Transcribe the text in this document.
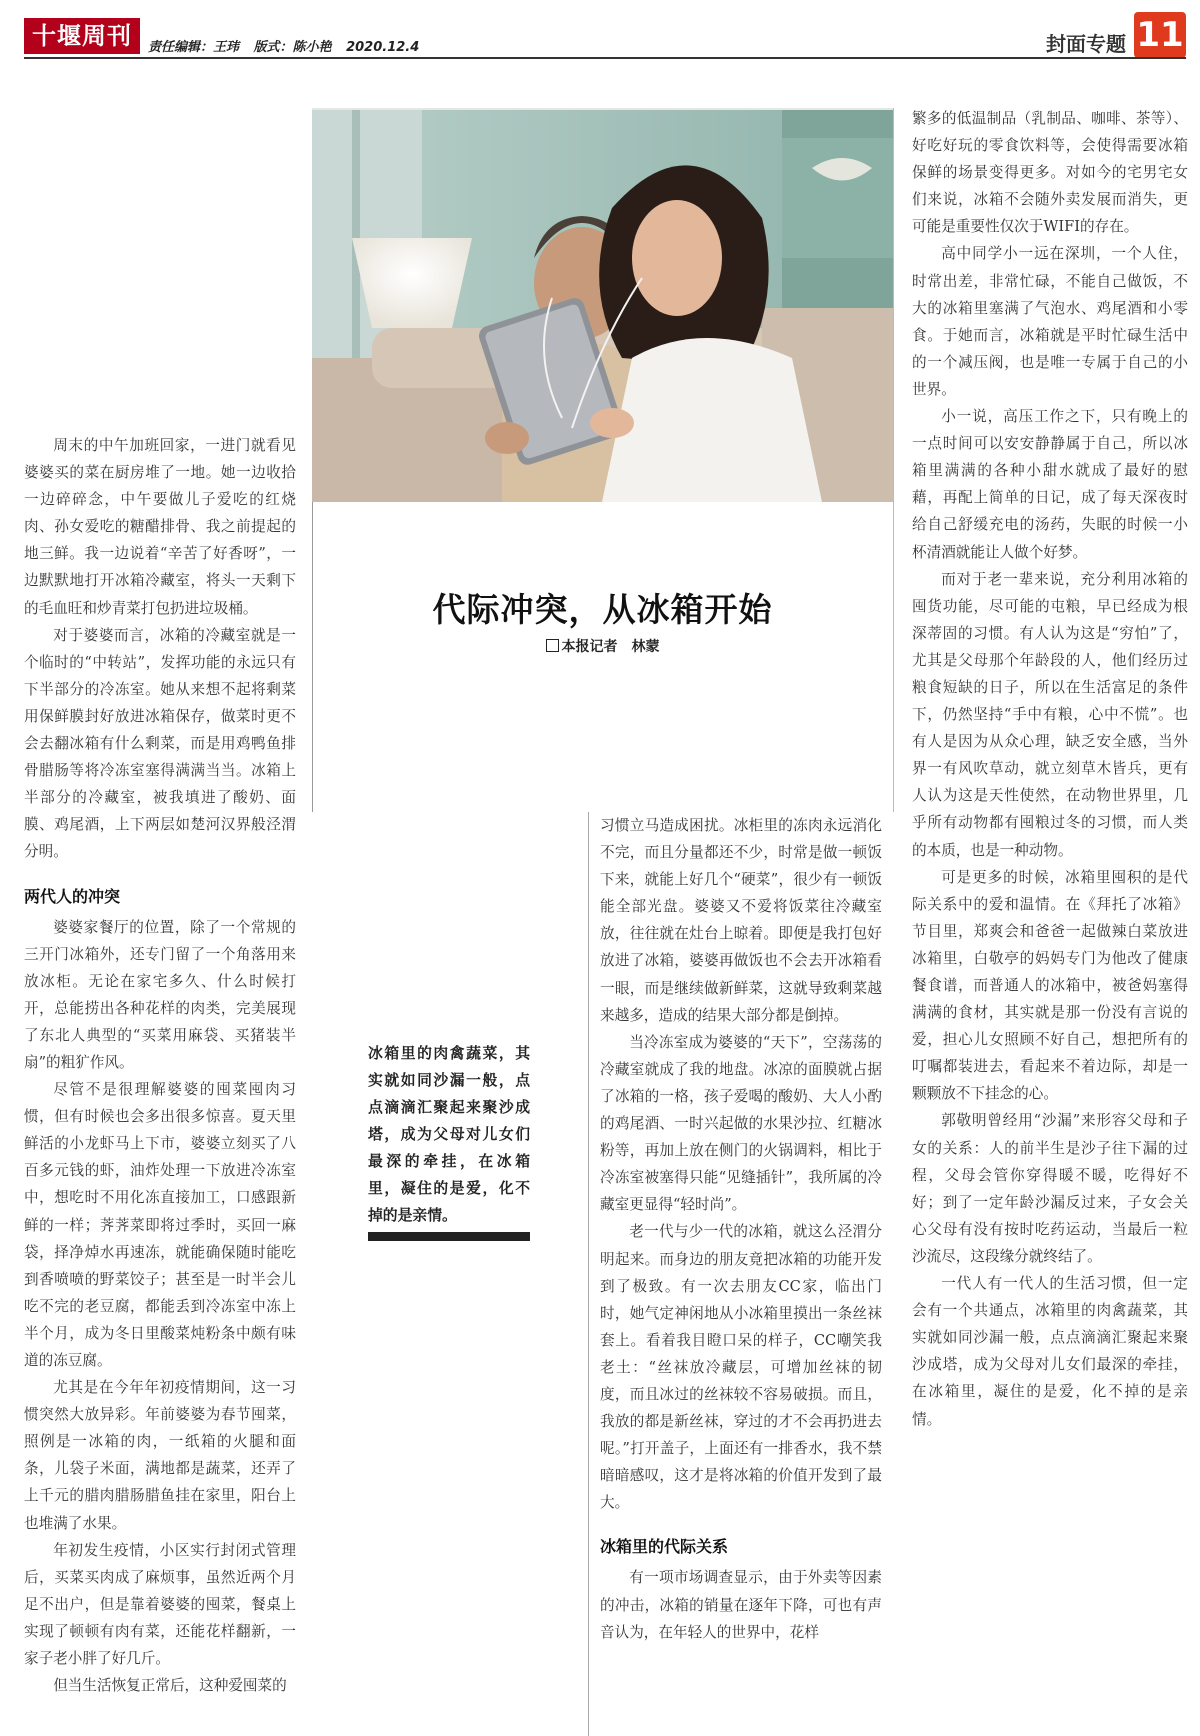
十堰周刊	责任编辑：王玮 版式：陈小艳 2020.12.4	封面专题 11
代际冲突，从冰箱开始
本报记者　林蒙

周末的中午加班回家，一进门就看见婆婆买的菜在厨房堆了一地。她一边收拾一边碎碎念，中午要做儿子爱吃的红烧肉、孙女爱吃的糖醋排骨、我之前提起的地三鲜。我一边说着“辛苦了好香呀”，一边默默地打开冰箱冷藏室，将头一天剩下的毛血旺和炒青菜打包扔进垃圾桶。

对于婆婆而言，冰箱的冷藏室就是一个临时的“中转站”，发挥功能的永远只有下半部分的冷冻室。她从来想不起将剩菜用保鲜膜封好放进冰箱保存，做菜时更不会去翻冰箱有什么剩菜，而是用鸡鸭鱼排骨腊肠等将冷冻室塞得满满当当。冰箱上半部分的冷藏室，被我填进了酸奶、面膜、鸡尾酒，上下两层如楚河汉界般泾渭分明。

两代人的冲突

婆婆家餐厅的位置，除了一个常规的三开门冰箱外，还专门留了一个角落用来放冰柜。无论在家宅多久、什么时候打开，总能捞出各种花样的肉类，完美展现了东北人典型的“买菜用麻袋、买猪装半扇”的粗犷作风。

尽管不是很理解婆婆的囤菜囤肉习惯，但有时候也会多出很多惊喜。夏天里鲜活的小龙虾马上下市，婆婆立刻买了八百多元钱的虾，油炸处理一下放进冷冻室中，想吃时不用化冻直接加工，口感跟新鲜的一样；荠荠菜即将过季时，买回一麻袋，择净焯水再速冻，就能确保随时能吃到香喷喷的野菜饺子；甚至是一时半会儿吃不完的老豆腐，都能丢到冷冻室中冻上半个月，成为冬日里酸菜炖粉条中颇有味道的冻豆腐。

尤其是在今年年初疫情期间，这一习惯突然大放异彩。年前婆婆为春节囤菜，照例是一冰箱的肉，一纸箱的火腿和面条，儿袋子米面，满地都是蔬菜，还弄了上千元的腊肉腊肠腊鱼挂在家里，阳台上也堆满了水果。

年初发生疫情，小区实行封闭式管理后，买菜买肉成了麻烦事，虽然近两个月足不出户，但是靠着婆婆的囤菜，餐桌上实现了顿顿有肉有菜，还能花样翻新，一家子老小胖了好几斤。

但当生活恢复正常后，这种爱囤菜的

冰箱里的肉禽蔬菜，其实就如同沙漏一般，点点滴滴汇聚起来聚沙成塔，成为父母对儿女们最深的牵挂，在冰箱里，凝住的是爱，化不掉的是亲情。

习惯立马造成困扰。冰柜里的冻肉永远消化不完，而且分量都还不少，时常是做一顿饭下来，就能上好几个“硬菜”，很少有一顿饭能全部光盘。婆婆又不爱将饭菜往冷藏室放，往往就在灶台上晾着。即便是我打包好放进了冰箱，婆婆再做饭也不会去开冰箱看一眼，而是继续做新鲜菜，这就导致剩菜越来越多，造成的结果大部分都是倒掉。

当冷冻室成为婆婆的“天下”，空荡荡的冷藏室就成了我的地盘。冰凉的面膜就占据了冰箱的一格，孩子爱喝的酸奶、大人小酌的鸡尾酒、一时兴起做的水果沙拉、红糖冰粉等，再加上放在侧门的火锅调料，相比于冷冻室被塞得只能“见缝插针”，我所属的冷藏室更显得“轻时尚”。

老一代与少一代的冰箱，就这么泾渭分明起来。而身边的朋友竟把冰箱的功能开发到了极致。有一次去朋友CC家，临出门时，她气定神闲地从小冰箱里摸出一条丝袜套上。看着我目瞪口呆的样子，CC嘲笑我老土：“丝袜放冷藏层，可增加丝袜的韧度，而且冰过的丝袜较不容易破损。而且，我放的都是新丝袜，穿过的才不会再扔进去呢。”打开盖子，上面还有一排香水，我不禁暗暗感叹，这才是将冰箱的价值开发到了最大。

冰箱里的代际关系

有一项市场调查显示，由于外卖等因素的冲击，冰箱的销量在逐年下降，可也有声音认为，在年轻人的世界中，花样

繁多的低温制品（乳制品、咖啡、茶等）、好吃好玩的零食饮料等，会使得需要冰箱保鲜的场景变得更多。对如今的宅男宅女们来说，冰箱不会随外卖发展而消失，更可能是重要性仅次于WIFI的存在。

高中同学小一远在深圳，一个人住，时常出差，非常忙碌，不能自己做饭，不大的冰箱里塞满了气泡水、鸡尾酒和小零食。于她而言，冰箱就是平时忙碌生活中的一个减压阀，也是唯一专属于自己的小世界。

小一说，高压工作之下，只有晚上的一点时间可以安安静静属于自己，所以冰箱里满满的各种小甜水就成了最好的慰藉，再配上简单的日记，成了每天深夜时给自己舒缓充电的汤药，失眠的时候一小杯清酒就能让人做个好梦。

而对于老一辈来说，充分利用冰箱的囤货功能，尽可能的屯粮，早已经成为根深蒂固的习惯。有人认为这是“穷怕”了，尤其是父母那个年龄段的人，他们经历过粮食短缺的日子，所以在生活富足的条件下，仍然坚持“手中有粮，心中不慌”。也有人是因为从众心理，缺乏安全感，当外界一有风吹草动，就立刻草木皆兵，更有人认为这是天性使然，在动物世界里，几乎所有动物都有囤粮过冬的习惯，而人类的本质，也是一种动物。

可是更多的时候，冰箱里囤积的是代际关系中的爱和温情。在《拜托了冰箱》节目里，郑爽会和爸爸一起做辣白菜放进冰箱里，白敬亭的妈妈专门为他改了健康餐食谱，而普通人的冰箱中，被爸妈塞得满满的食材，其实就是那一份没有言说的爱，担心儿女照顾不好自己，想把所有的叮嘱都装进去，看起来不着边际，却是一颗颗放不下挂念的心。

郭敬明曾经用“沙漏”来形容父母和子女的关系：人的前半生是沙子往下漏的过程，父母会管你穿得暖不暖，吃得好不好；到了一定年龄沙漏反过来，子女会关心父母有没有按时吃药运动，当最后一粒沙流尽，这段缘分就终结了。

一代人有一代人的生活习惯，但一定会有一个共通点，冰箱里的肉禽蔬菜，其实就如同沙漏一般，点点滴滴汇聚起来聚沙成塔，成为父母对儿女们最深的牵挂，在冰箱里，凝住的是爱，化不掉的是亲情。
